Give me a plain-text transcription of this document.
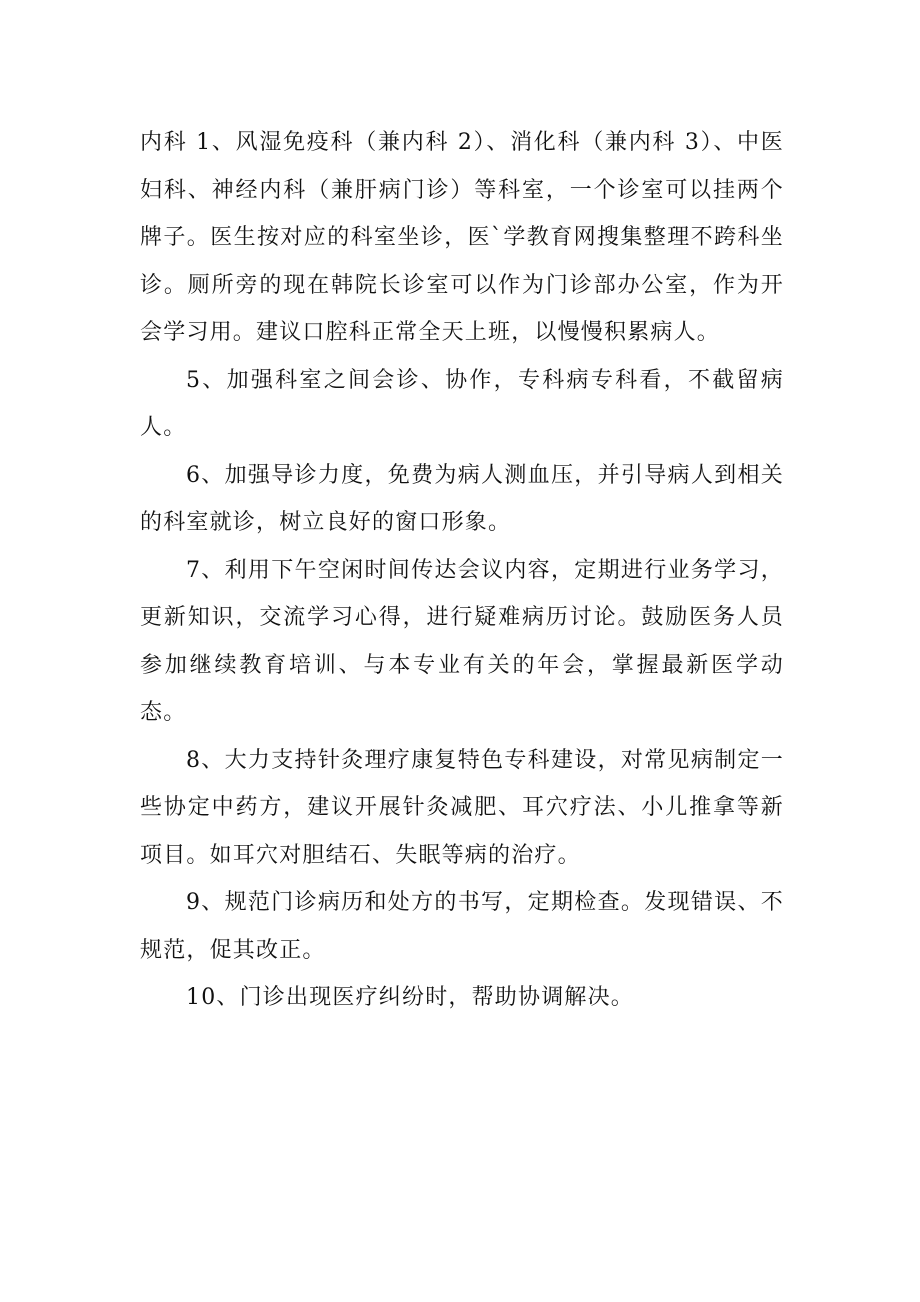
内科 1、风湿免疫科（兼内科 2）、消化科（兼内科 3）、中医妇科、神经内科（兼肝病门诊）等科室，一个诊室可以挂两个牌子。医生按对应的科室坐诊，医`学教育网搜集整理不跨科坐诊。厕所旁的现在韩院长诊室可以作为门诊部办公室，作为开会学习用。建议口腔科正常全天上班，以慢慢积累病人。

5、加强科室之间会诊、协作，专科病专科看，不截留病人。

6、加强导诊力度，免费为病人测血压，并引导病人到相关的科室就诊，树立良好的窗口形象。

7、利用下午空闲时间传达会议内容，定期进行业务学习，更新知识，交流学习心得，进行疑难病历讨论。鼓励医务人员参加继续教育培训、与本专业有关的年会，掌握最新医学动态。

8、大力支持针灸理疗康复特色专科建设，对常见病制定一些协定中药方，建议开展针灸减肥、耳穴疗法、小儿推拿等新项目。如耳穴对胆结石、失眠等病的治疗。

9、规范门诊病历和处方的书写，定期检查。发现错误、不规范，促其改正。

10、门诊出现医疗纠纷时，帮助协调解决。
